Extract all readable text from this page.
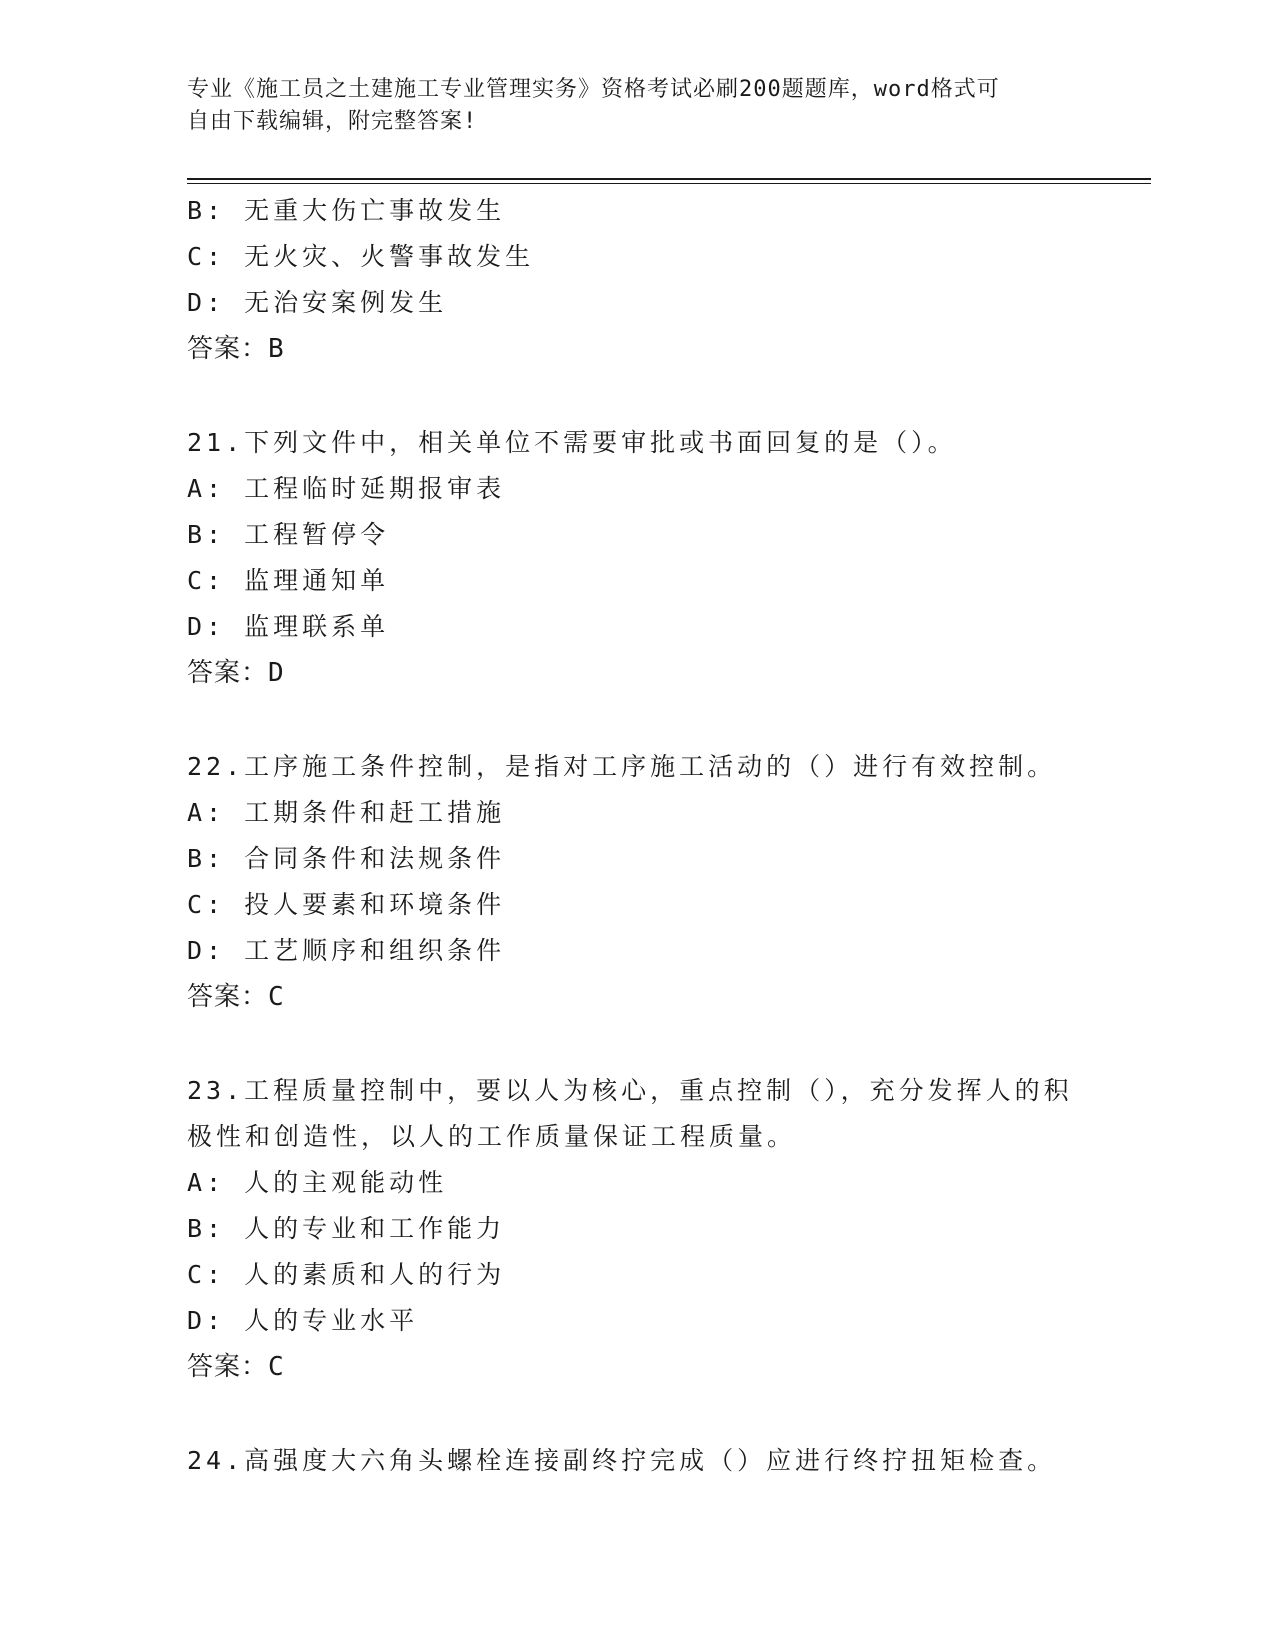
专业《施工员之土建施工专业管理实务》资格考试必刷200题题库，word格式可
自由下载编辑，附完整答案!
B: 无重大伤亡事故发生
C: 无火灾、火警事故发生
D: 无治安案例发生
答案：B
21.下列文件中，相关单位不需要审批或书面回复的是（）。
A: 工程临时延期报审表
B: 工程暂停令
C: 监理通知单
D: 监理联系单
答案：D
22.工序施工条件控制，是指对工序施工活动的（）进行有效控制。
A: 工期条件和赶工措施
B: 合同条件和法规条件
C: 投人要素和环境条件
D: 工艺顺序和组织条件
答案：C
23.工程质量控制中，要以人为核心，重点控制（），充分发挥人的积
极性和创造性，以人的工作质量保证工程质量。
A: 人的主观能动性
B: 人的专业和工作能力
C: 人的素质和人的行为
D: 人的专业水平
答案：C
24.高强度大六角头螺栓连接副终拧完成（）应进行终拧扭矩检查。
